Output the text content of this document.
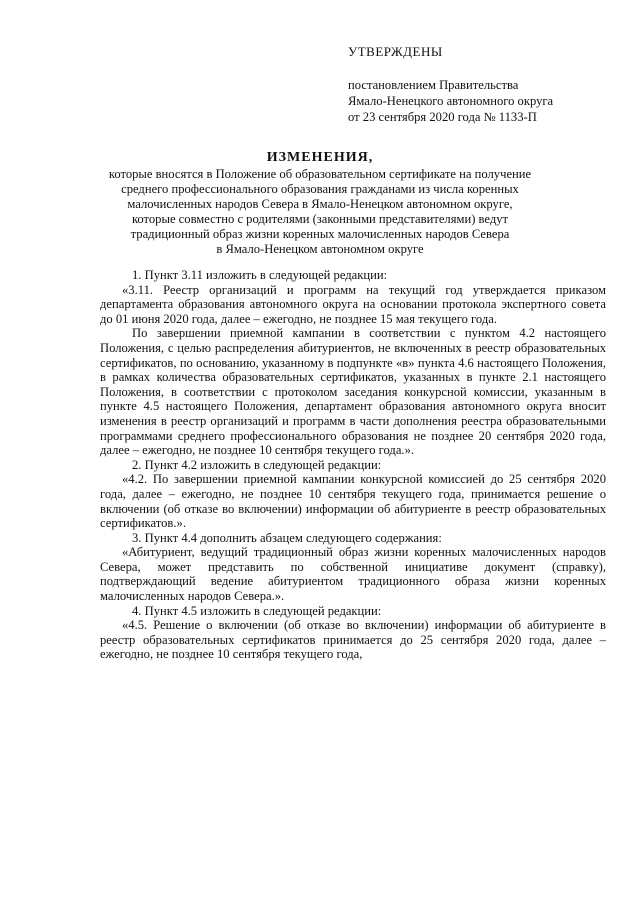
УТВЕРЖДЕНЫ
постановлением Правительства
Ямало-Ненецкого автономного округа
от 23 сентября 2020 года № 1133-П
ИЗМЕНЕНИЯ,
которые вносятся в Положение об образовательном сертификате на получение
среднего профессионального образования гражданами из числа коренных
малочисленных народов Севера в Ямало-Ненецком автономном округе,
которые совместно с родителями (законными представителями) ведут
традиционный образ жизни коренных малочисленных народов Севера
в Ямало-Ненецком автономном округе

1. Пункт 3.11 изложить в следующей редакции:

«3.11. Реестр организаций и программ на текущий год утверждается приказом департамента образования автономного округа на основании протокола экспертного совета до 01 июня 2020 года, далее – ежегодно, не позднее 15 мая текущего года.

По завершении приемной кампании в соответствии с пунктом 4.2 настоящего Положения, с целью распределения абитуриентов, не включенных в реестр образовательных сертификатов, по основанию, указанному в подпункте «в» пункта 4.6 настоящего Положения, в рамках количества образовательных сертификатов, указанных в пункте 2.1 настоящего Положения, в соответствии с протоколом заседания конкурсной комиссии, указанным в пункте 4.5 настоящего Положения, департамент образования автономного округа вносит изменения в реестр организаций и программ в части дополнения реестра образовательными программами среднего профессионального образования не позднее 20 сентября 2020 года, далее – ежегодно, не позднее 10 сентября текущего года.».

2. Пункт 4.2 изложить в следующей редакции:

«4.2. По завершении приемной кампании конкурсной комиссией до 25 сентября 2020 года, далее – ежегодно, не позднее 10 сентября текущего года, принимается решение о включении (об отказе во включении) информации об абитуриенте в реестр образовательных сертификатов.».

3. Пункт 4.4 дополнить абзацем следующего содержания:

«Абитуриент, ведущий традиционный образ жизни коренных малочисленных народов Севера, может представить по собственной инициативе документ (справку), подтверждающий ведение абитуриентом традиционного образа жизни коренных малочисленных народов Севера.».

4. Пункт 4.5 изложить в следующей редакции:

«4.5. Решение о включении (об отказе во включении) информации об абитуриенте в реестр образовательных сертификатов принимается до 25 сентября 2020 года, далее – ежегодно, не позднее 10 сентября текущего года,
